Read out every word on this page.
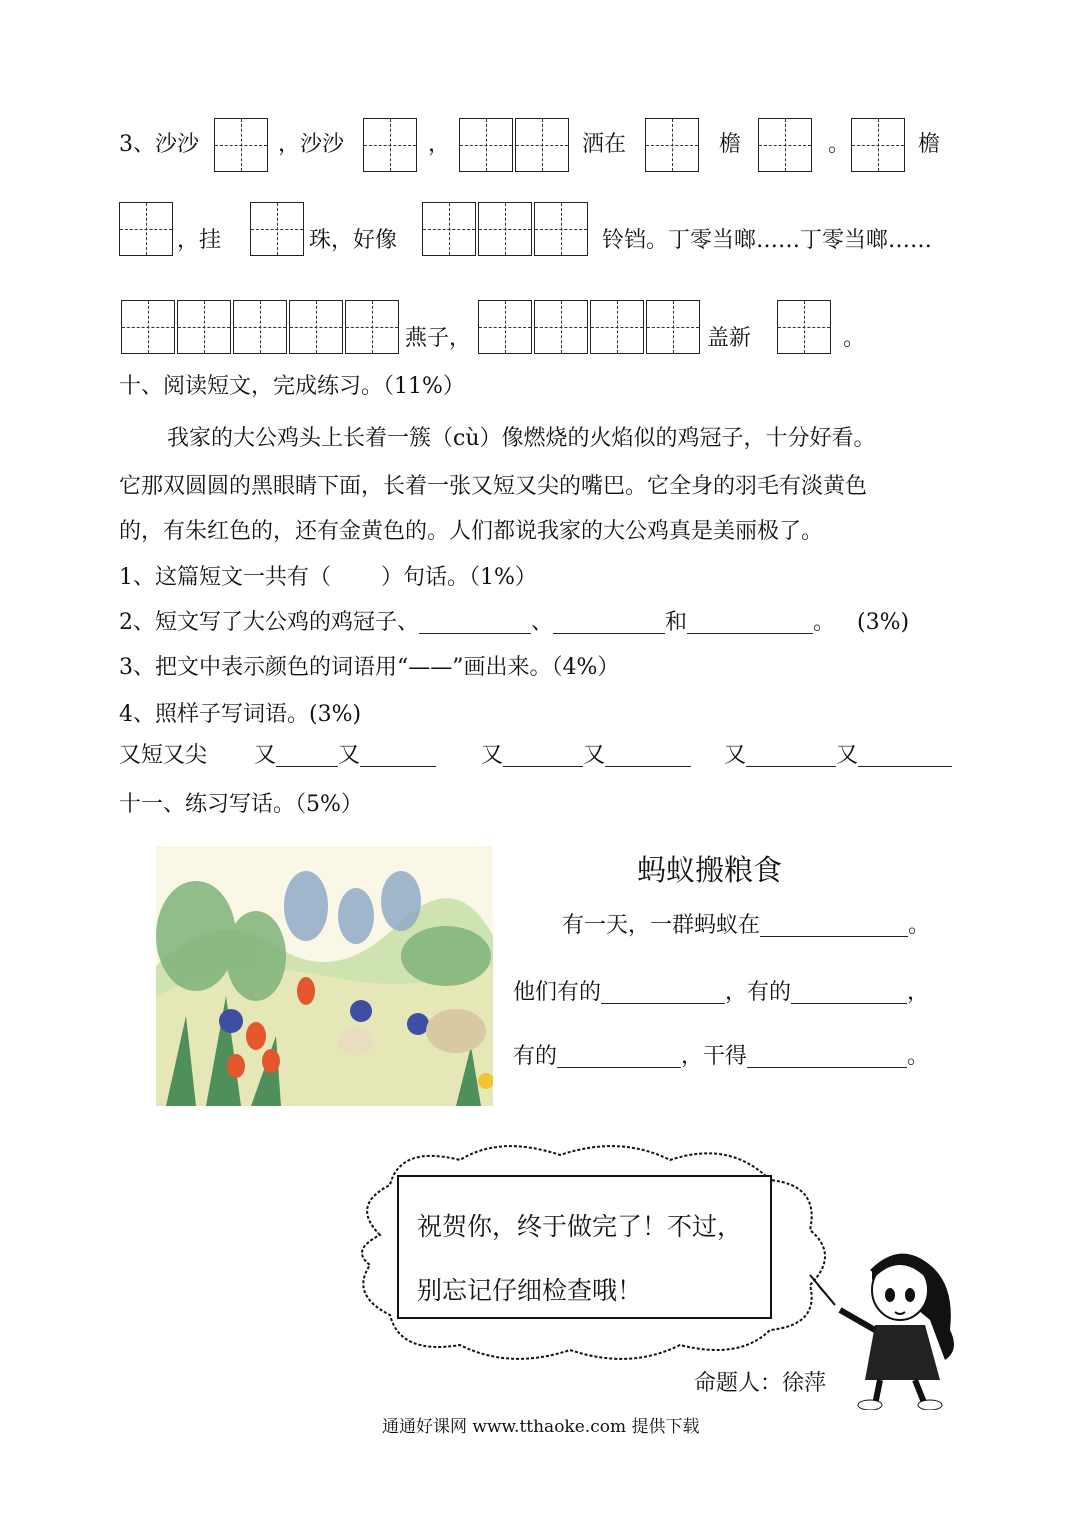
3、沙沙	，沙沙	，	洒在	檐	。	檐
，挂	珠，好像	铃铛。丁零当啷……丁零当啷……
燕子，	盖新	。
十、阅读短文，完成练习。（11%）
我家的大公鸡头上长着一簇（cù）像燃烧的火焰似的鸡冠子，十分好看。
它那双圆圆的黑眼睛下面，长着一张又短又尖的嘴巴。它全身的羽毛有淡黄色
的，有朱红色的，还有金黄色的。人们都说我家的大公鸡真是美丽极了。
1、这篇短文一共有（ ）句话。（1%）
2、短文写了大公鸡的鸡冠子、	、	和	。 (3%)
3、把文中表示颜色的词语用“——”画出来。（4%）
4、照样子写词语。(3%)
又短又尖 又	又	又	又	又	又
十一、练习写话。（5%）
蚂蚁搬粮食
有一天，一群蚂蚁在	。
他们有的	，有的	，
有的	，干得	。
祝贺你，终于做完了！不过，
别忘记仔细检查哦！
命题人：徐萍
通通好课网 www.tthaoke.com 提供下载
